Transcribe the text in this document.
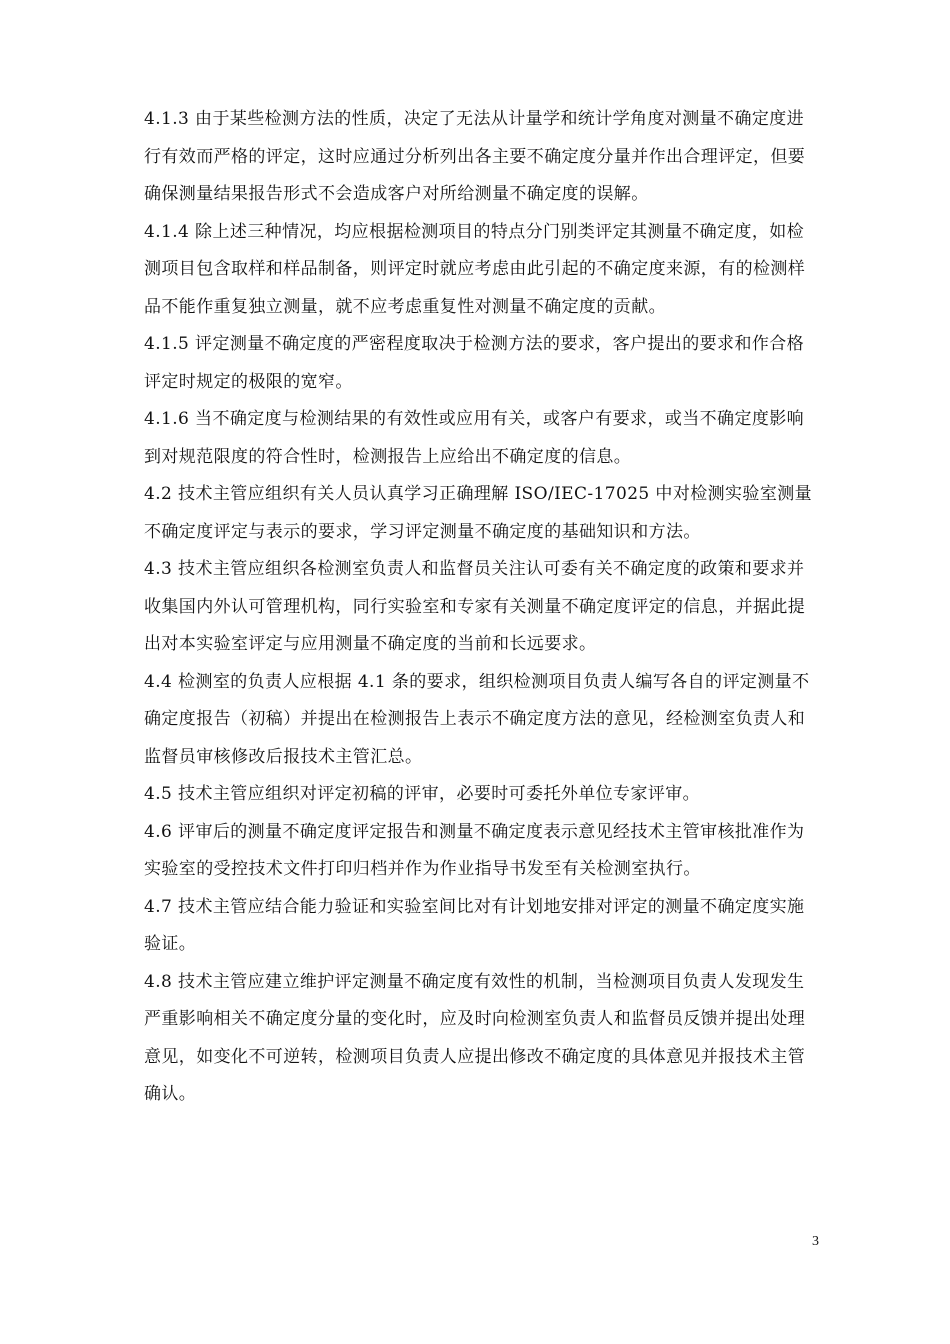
4.1.3 由于某些检测方法的性质，决定了无法从计量学和统计学角度对测量不确定度进行有效而严格的评定，这时应通过分析列出各主要不确定度分量并作出合理评定，但要确保测量结果报告形式不会造成客户对所给测量不确定度的误解。

4.1.4 除上述三种情况，均应根据检测项目的特点分门别类评定其测量不确定度，如检测项目包含取样和样品制备，则评定时就应考虑由此引起的不确定度来源，有的检测样品不能作重复独立测量，就不应考虑重复性对测量不确定度的贡献。

4.1.5 评定测量不确定度的严密程度取决于检测方法的要求，客户提出的要求和作合格评定时规定的极限的宽窄。

4.1.6 当不确定度与检测结果的有效性或应用有关，或客户有要求，或当不确定度影响到对规范限度的符合性时，检测报告上应给出不确定度的信息。

4.2 技术主管应组织有关人员认真学习正确理解 ISO/IEC-17025 中对检测实验室测量不确定度评定与表示的要求，学习评定测量不确定度的基础知识和方法。

4.3 技术主管应组织各检测室负责人和监督员关注认可委有关不确定度的政策和要求并收集国内外认可管理机构，同行实验室和专家有关测量不确定度评定的信息，并据此提出对本实验室评定与应用测量不确定度的当前和长远要求。

4.4 检测室的负责人应根据 4.1 条的要求，组织检测项目负责人编写各自的评定测量不确定度报告（初稿）并提出在检测报告上表示不确定度方法的意见，经检测室负责人和监督员审核修改后报技术主管汇总。

4.5 技术主管应组织对评定初稿的评审，必要时可委托外单位专家评审。

4.6 评审后的测量不确定度评定报告和测量不确定度表示意见经技术主管审核批准作为实验室的受控技术文件打印归档并作为作业指导书发至有关检测室执行。

4.7 技术主管应结合能力验证和实验室间比对有计划地安排对评定的测量不确定度实施验证。

4.8 技术主管应建立维护评定测量不确定度有效性的机制，当检测项目负责人发现发生严重影响相关不确定度分量的变化时，应及时向检测室负责人和监督员反馈并提出处理意见，如变化不可逆转，检测项目负责人应提出修改不确定度的具体意见并报技术主管确认。

3
